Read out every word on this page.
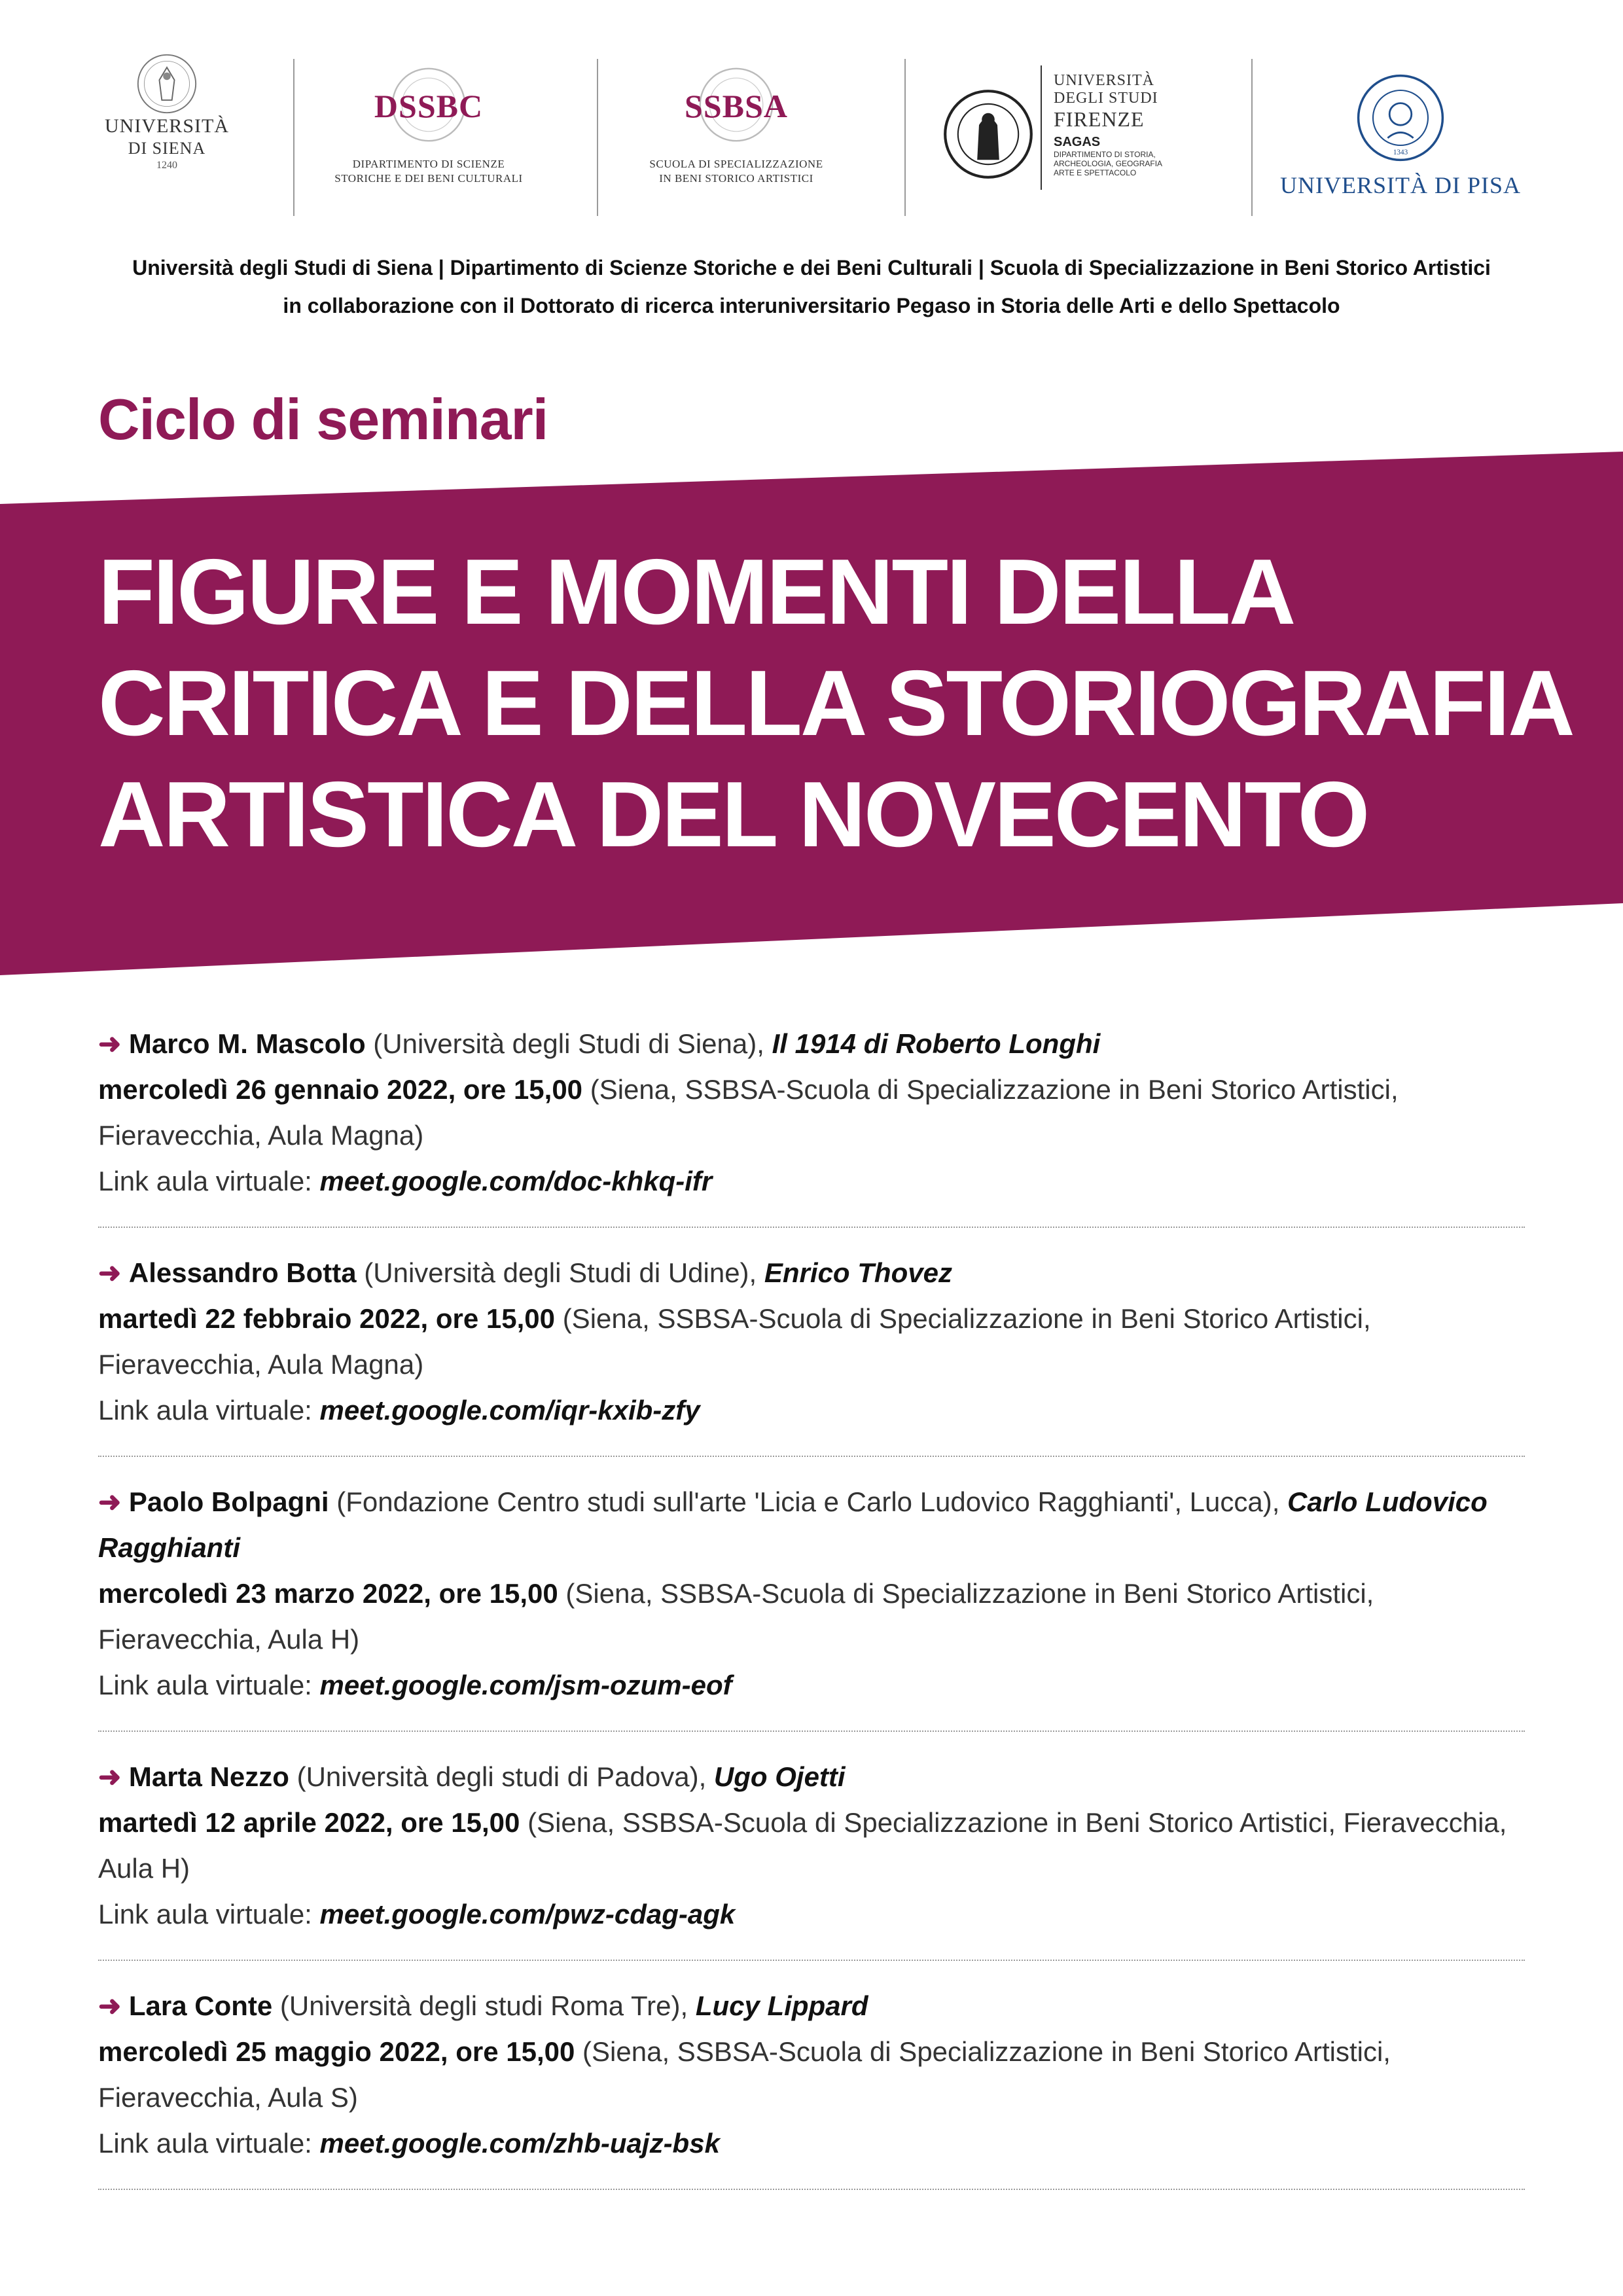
UNIVERSITÀ
DI SIENA
1240
DSSBC
DIPARTIMENTO DI SCIENZE
STORICHE E DEI BENI CULTURALI
SSBSA
SCUOLA DI SPECIALIZZAZIONE
IN BENI STORICO ARTISTICI
UNIVERSITÀ
DEGLI STUDI
FIRENZE
SAGAS
DIPARTIMENTO DI STORIA,
ARCHEOLOGIA, GEOGRAFIA
ARTE E SPETTACOLO
1343
UNIVERSITÀ DI PISA
Università degli Studi di Siena | Dipartimento di Scienze Storiche e dei Beni Culturali | Scuola di Specializzazione in Beni Storico Artistici
in collaborazione con il Dottorato di ricerca interuniversitario Pegaso in Storia delle Arti e dello Spettacolo
Ciclo di seminari
FIGURE E MOMENTI DELLA
CRITICA E DELLA STORIOGRAFIA
ARTISTICA DEL NOVECENTO

➜ Marco M. Mascolo (Università degli Studi di Siena), Il 1914 di Roberto Longhi

mercoledì 26 gennaio 2022, ore 15,00 (Siena, SSBSA-Scuola di Specializzazione in Beni Storico Artistici, Fieravecchia, Aula Magna)

Link aula virtuale: meet.google.com/doc-khkq-ifr

➜ Alessandro Botta (Università degli Studi di Udine), Enrico Thovez

martedì 22 febbraio 2022, ore 15,00 (Siena, SSBSA-Scuola di Specializzazione in Beni Storico Artistici, Fieravecchia, Aula Magna)

Link aula virtuale: meet.google.com/iqr-kxib-zfy

➜ Paolo Bolpagni (Fondazione Centro studi sull'arte 'Licia e Carlo Ludovico Ragghianti', Lucca), Carlo Ludovico Ragghianti

mercoledì 23 marzo 2022, ore 15,00 (Siena, SSBSA-Scuola di Specializzazione in Beni Storico Artistici, Fieravecchia, Aula H)

Link aula virtuale: meet.google.com/jsm-ozum-eof

➜ Marta Nezzo (Università degli studi di Padova), Ugo Ojetti

martedì 12 aprile 2022, ore 15,00 (Siena, SSBSA-Scuola di Specializzazione in Beni Storico Artistici, Fieravecchia, Aula H)

Link aula virtuale: meet.google.com/pwz-cdag-agk

➜ Lara Conte (Università degli studi Roma Tre), Lucy Lippard

mercoledì 25 maggio 2022, ore 15,00 (Siena, SSBSA-Scuola di Specializzazione in Beni Storico Artistici, Fieravecchia, Aula S)

Link aula virtuale: meet.google.com/zhb-uajz-bsk
